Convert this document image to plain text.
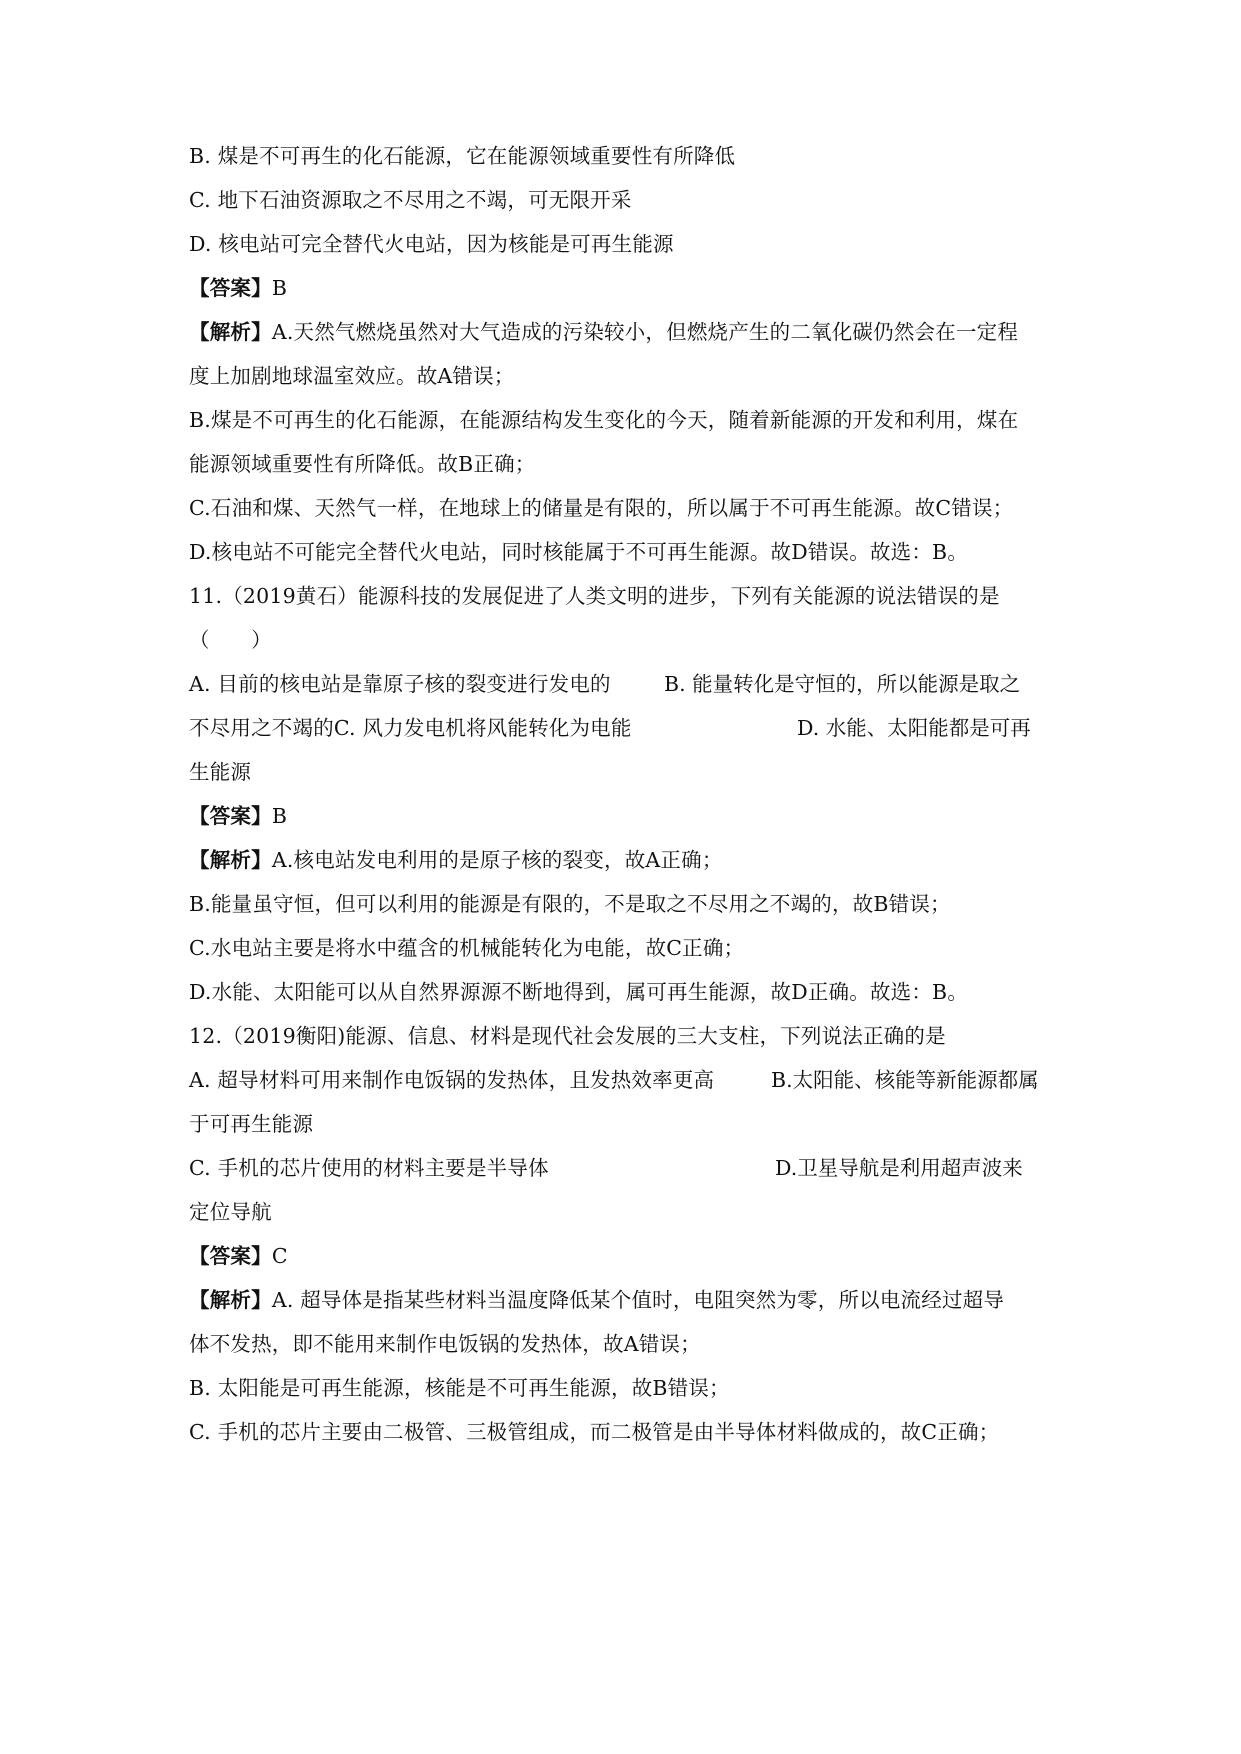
B. 煤是不可再生的化石能源，它在能源领域重要性有所降低
C. 地下石油资源取之不尽用之不竭，可无限开采
D. 核电站可完全替代火电站，因为核能是可再生能源
【答案】B
【解析】A.天然气燃烧虽然对大气造成的污染较小，但燃烧产生的二氧化碳仍然会在一定程
度上加剧地球温室效应。故A错误；
B.煤是不可再生的化石能源，在能源结构发生变化的今天，随着新能源的开发和利用，煤在
能源领域重要性有所降低。故B正确；
C.石油和煤、天然气一样，在地球上的储量是有限的，所以属于不可再生能源。故C错误；
D.核电站不可能完全替代火电站，同时核能属于不可再生能源。故D错误。故选：B。
11.（2019黄石）能源科技的发展促进了人类文明的进步，下列有关能源的说法错误的是
（　　）
A. 目前的核电站是靠原子核的裂变进行发电的	B. 能量转化是守恒的，所以能源是取之
不尽用之不竭的C. 风力发电机将风能转化为电能	D. 水能、太阳能都是可再
生能源
【答案】B
【解析】A.核电站发电利用的是原子核的裂变，故A正确；
B.能量虽守恒，但可以利用的能源是有限的，不是取之不尽用之不竭的，故B错误；
C.水电站主要是将水中蕴含的机械能转化为电能，故C正确；
D.水能、太阳能可以从自然界源源不断地得到，属可再生能源，故D正确。故选：B。
12.（2019衡阳)能源、信息、材料是现代社会发展的三大支柱，下列说法正确的是
A. 超导材料可用来制作电饭锅的发热体，且发热效率更高	B.太阳能、核能等新能源都属
于可再生能源
C. 手机的芯片使用的材料主要是半导体	D.卫星导航是利用超声波来
定位导航
【答案】C
【解析】A. 超导体是指某些材料当温度降低某个值时，电阻突然为零，所以电流经过超导
体不发热，即不能用来制作电饭锅的发热体，故A错误；
B. 太阳能是可再生能源，核能是不可再生能源，故B错误；
C. 手机的芯片主要由二极管、三极管组成，而二极管是由半导体材料做成的，故C正确；
